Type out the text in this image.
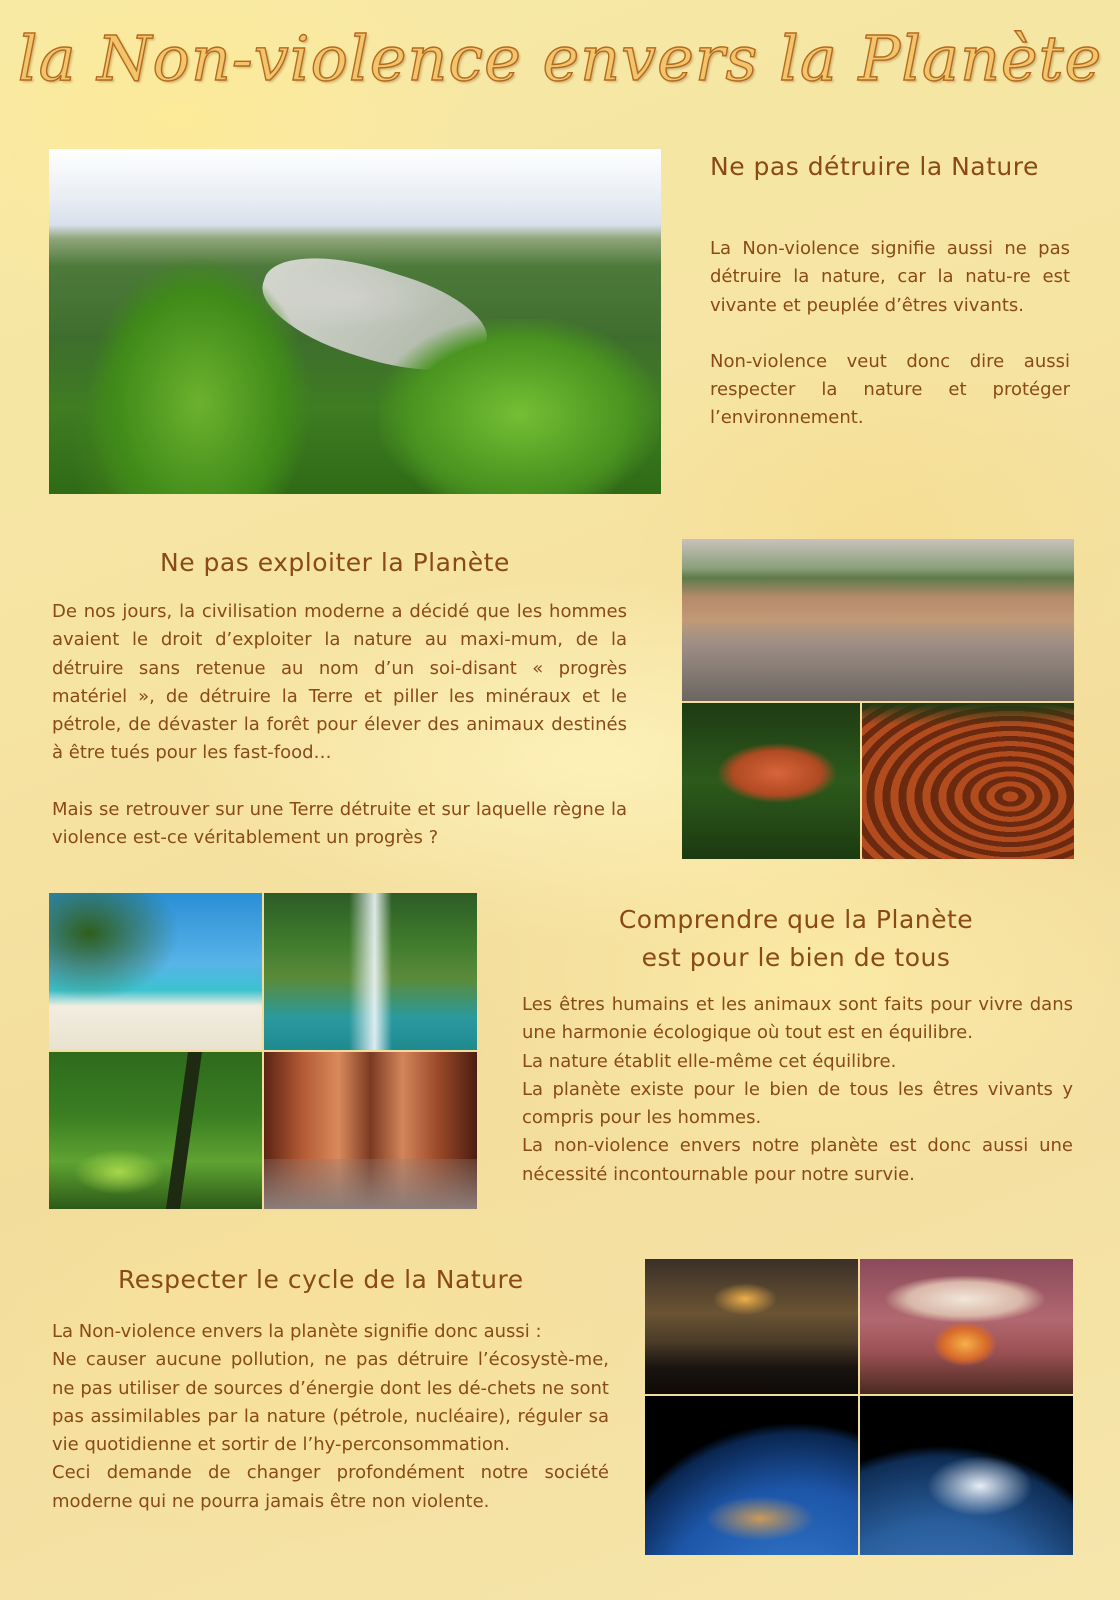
la Non-violence envers la Planète
Ne pas détruire la Nature

La Non-violence signifie aussi ne pas détruire la nature, car la natu-re est vivante et peuplée d’êtres vivants.

Non-violence veut donc dire aussi respecter la nature et protéger l’environnement.

Ne pas exploiter la Planète

De nos jours, la civilisation moderne a décidé que les hommes avaient le droit d’exploiter la nature au maxi-mum, de la détruire sans retenue au nom d’un soi-disant « progrès matériel », de détruire la Terre et piller les minéraux et le pétrole, de dévaster la forêt pour élever des animaux destinés à être tués pour les fast-food…

Mais se retrouver sur une Terre détruite et sur laquelle règne la violence est-ce véritablement un progrès ?

Comprendre que la Planète
est pour le bien de tous

Les êtres humains et les animaux sont faits pour vivre dans une harmonie écologique où tout est en équilibre.

La nature établit elle-même cet équilibre.

La planète existe pour le bien de tous les êtres vivants y compris pour les hommes.

La non-violence envers notre planète est donc aussi une nécessité incontournable pour notre survie.

Respecter le cycle de la Nature

La Non-violence envers la planète signifie donc aussi :

Ne causer aucune pollution, ne pas détruire l’écosystè-me, ne pas utiliser de sources d’énergie dont les dé-chets ne sont pas assimilables par la nature (pétrole, nucléaire), réguler sa vie quotidienne et sortir de l’hy-perconsommation.

Ceci demande de changer profondément notre société moderne qui ne pourra jamais être non violente.
